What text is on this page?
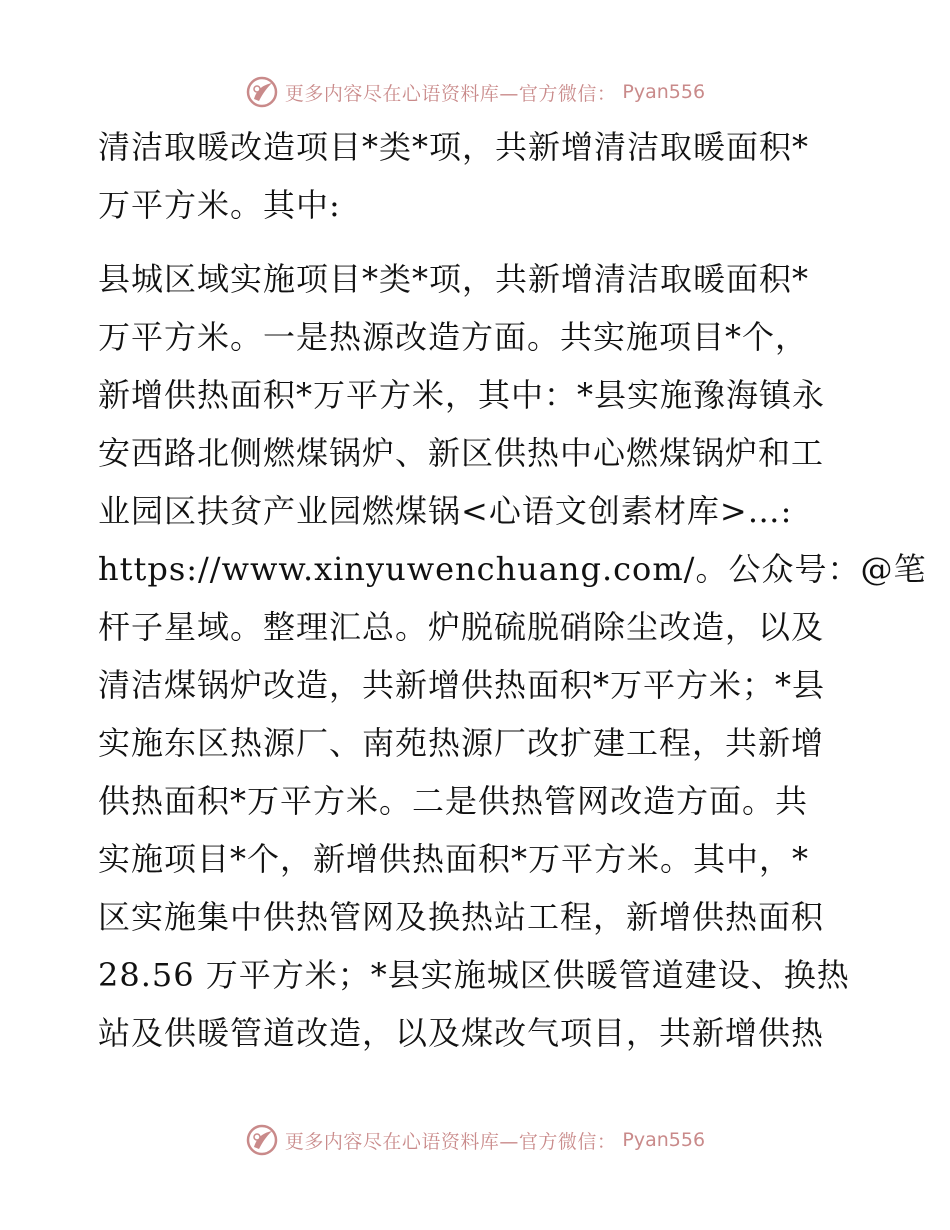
更多内容尽在心语资料库—官方微信： Pyan556
清洁取暖改造项目*类*项，共新增清洁取暖面积*
万平方米。其中:
县城区域实施项目*类*项，共新增清洁取暖面积*
万平方米。一是热源改造方面。共实施项目*个，
新增供热面积*万平方米，其中：*县实施豫海镇永
安西路北侧燃煤锅炉、新区供热中心燃煤锅炉和工
业园区扶贫产业园燃煤锅<心语文创素材库>…:
https://www.xinyuwenchuang.com/。公众号：@笔
杆子星域。整理汇总。炉脱硫脱硝除尘改造，以及
清洁煤锅炉改造，共新增供热面积*万平方米；*县
实施东区热源厂、南苑热源厂改扩建工程，共新增
供热面积*万平方米。二是供热管网改造方面。共
实施项目*个，新增供热面积*万平方米。其中，*
区实施集中供热管网及换热站工程，新增供热面积
28.56 万平方米；*县实施城区供暖管道建设、换热
站及供暖管道改造，以及煤改气项目，共新增供热
更多内容尽在心语资料库—官方微信： Pyan556
